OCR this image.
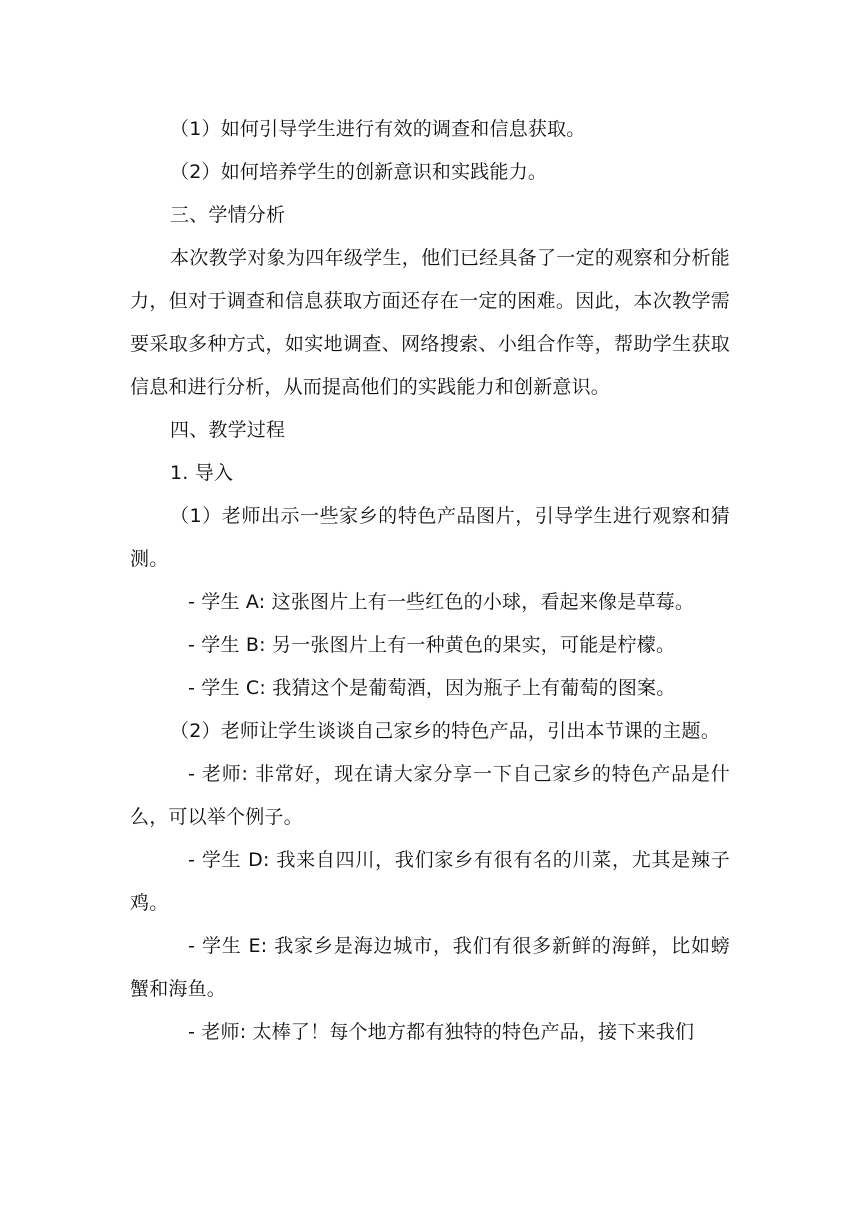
（1）如何引导学生进行有效的调查和信息获取。

（2）如何培养学生的创新意识和实践能力。

三、学情分析

本次教学对象为四年级学生，他们已经具备了一定的观察和分析能力，但对于调查和信息获取方面还存在一定的困难。因此，本次教学需要采取多种方式，如实地调查、网络搜索、小组合作等，帮助学生获取信息和进行分析，从而提高他们的实践能力和创新意识。

四、教学过程

1. 导入

（1）老师出示一些家乡的特色产品图片，引导学生进行观察和猜测。

- 学生 A: 这张图片上有一些红色的小球，看起来像是草莓。

- 学生 B: 另一张图片上有一种黄色的果实，可能是柠檬。

- 学生 C: 我猜这个是葡萄酒，因为瓶子上有葡萄的图案。

（2）老师让学生谈谈自己家乡的特色产品，引出本节课的主题。

- 老师: 非常好，现在请大家分享一下自己家乡的特色产品是什么，可以举个例子。

- 学生 D: 我来自四川，我们家乡有很有名的川菜，尤其是辣子鸡。

- 学生 E: 我家乡是海边城市，我们有很多新鲜的海鲜，比如螃蟹和海鱼。

- 老师: 太棒了！每个地方都有独特的特色产品，接下来我们
